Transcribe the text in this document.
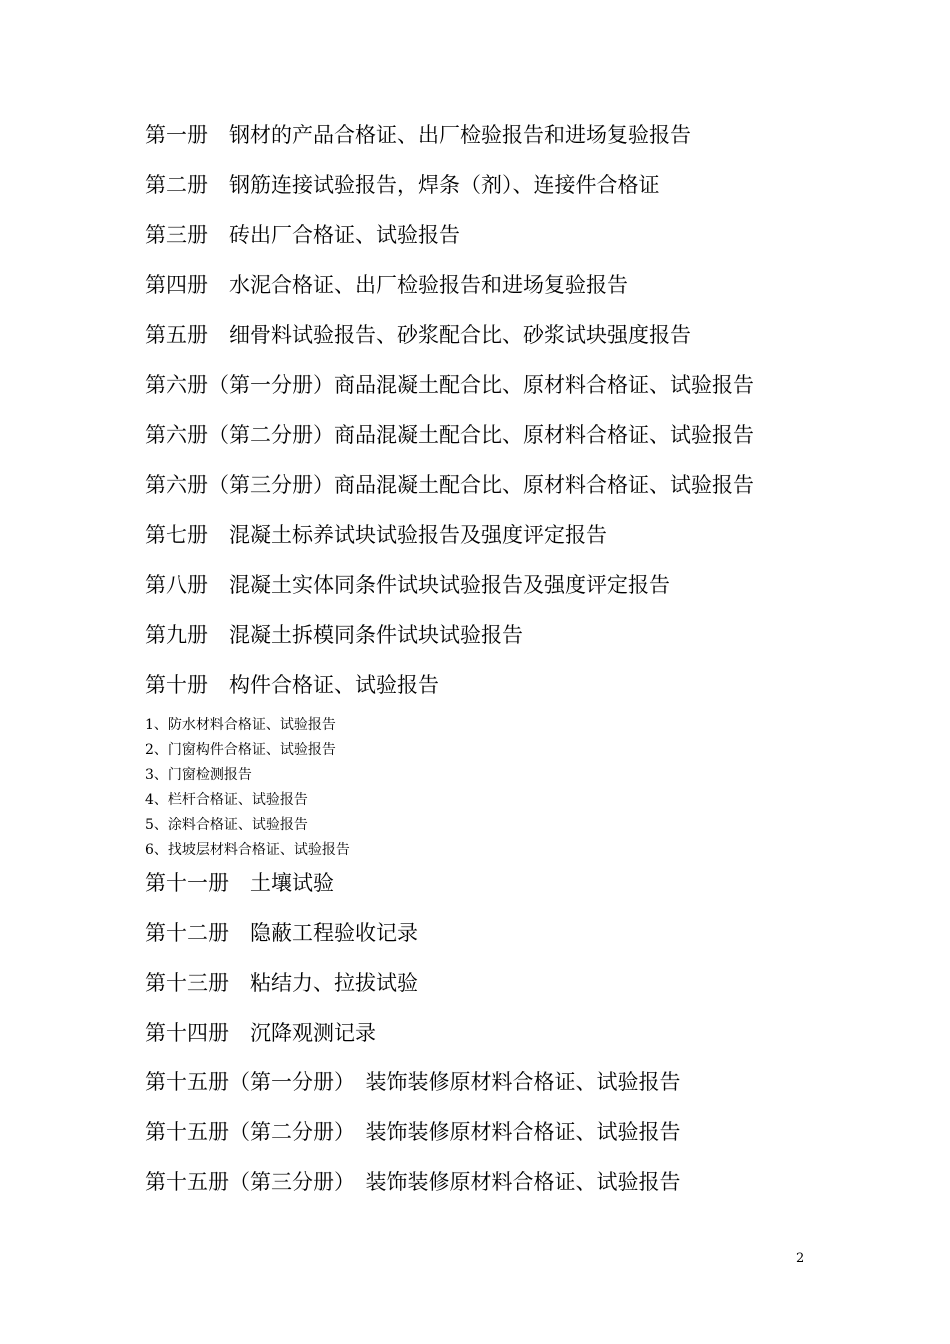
第一册　钢材的产品合格证、出厂检验报告和进场复验报告
第二册　钢筋连接试验报告，焊条（剂）、连接件合格证
第三册　砖出厂合格证、试验报告
第四册　水泥合格证、出厂检验报告和进场复验报告
第五册　细骨料试验报告、砂浆配合比、砂浆试块强度报告
第六册（第一分册）商品混凝土配合比、原材料合格证、试验报告
第六册（第二分册）商品混凝土配合比、原材料合格证、试验报告
第六册（第三分册）商品混凝土配合比、原材料合格证、试验报告
第七册　混凝土标养试块试验报告及强度评定报告
第八册　混凝土实体同条件试块试验报告及强度评定报告
第九册　混凝土拆模同条件试块试验报告
第十册　构件合格证、试验报告
1、防水材料合格证、试验报告
2、门窗构件合格证、试验报告
3、门窗检测报告
4、栏杆合格证、试验报告
5、涂料合格证、试验报告
6、找坡层材料合格证、试验报告
第十一册　土壤试验
第十二册　隐蔽工程验收记录
第十三册　粘结力、拉拔试验
第十四册　沉降观测记录
第十五册（第一分册）　装饰装修原材料合格证、试验报告
第十五册（第二分册）　装饰装修原材料合格证、试验报告
第十五册（第三分册）　装饰装修原材料合格证、试验报告
2
